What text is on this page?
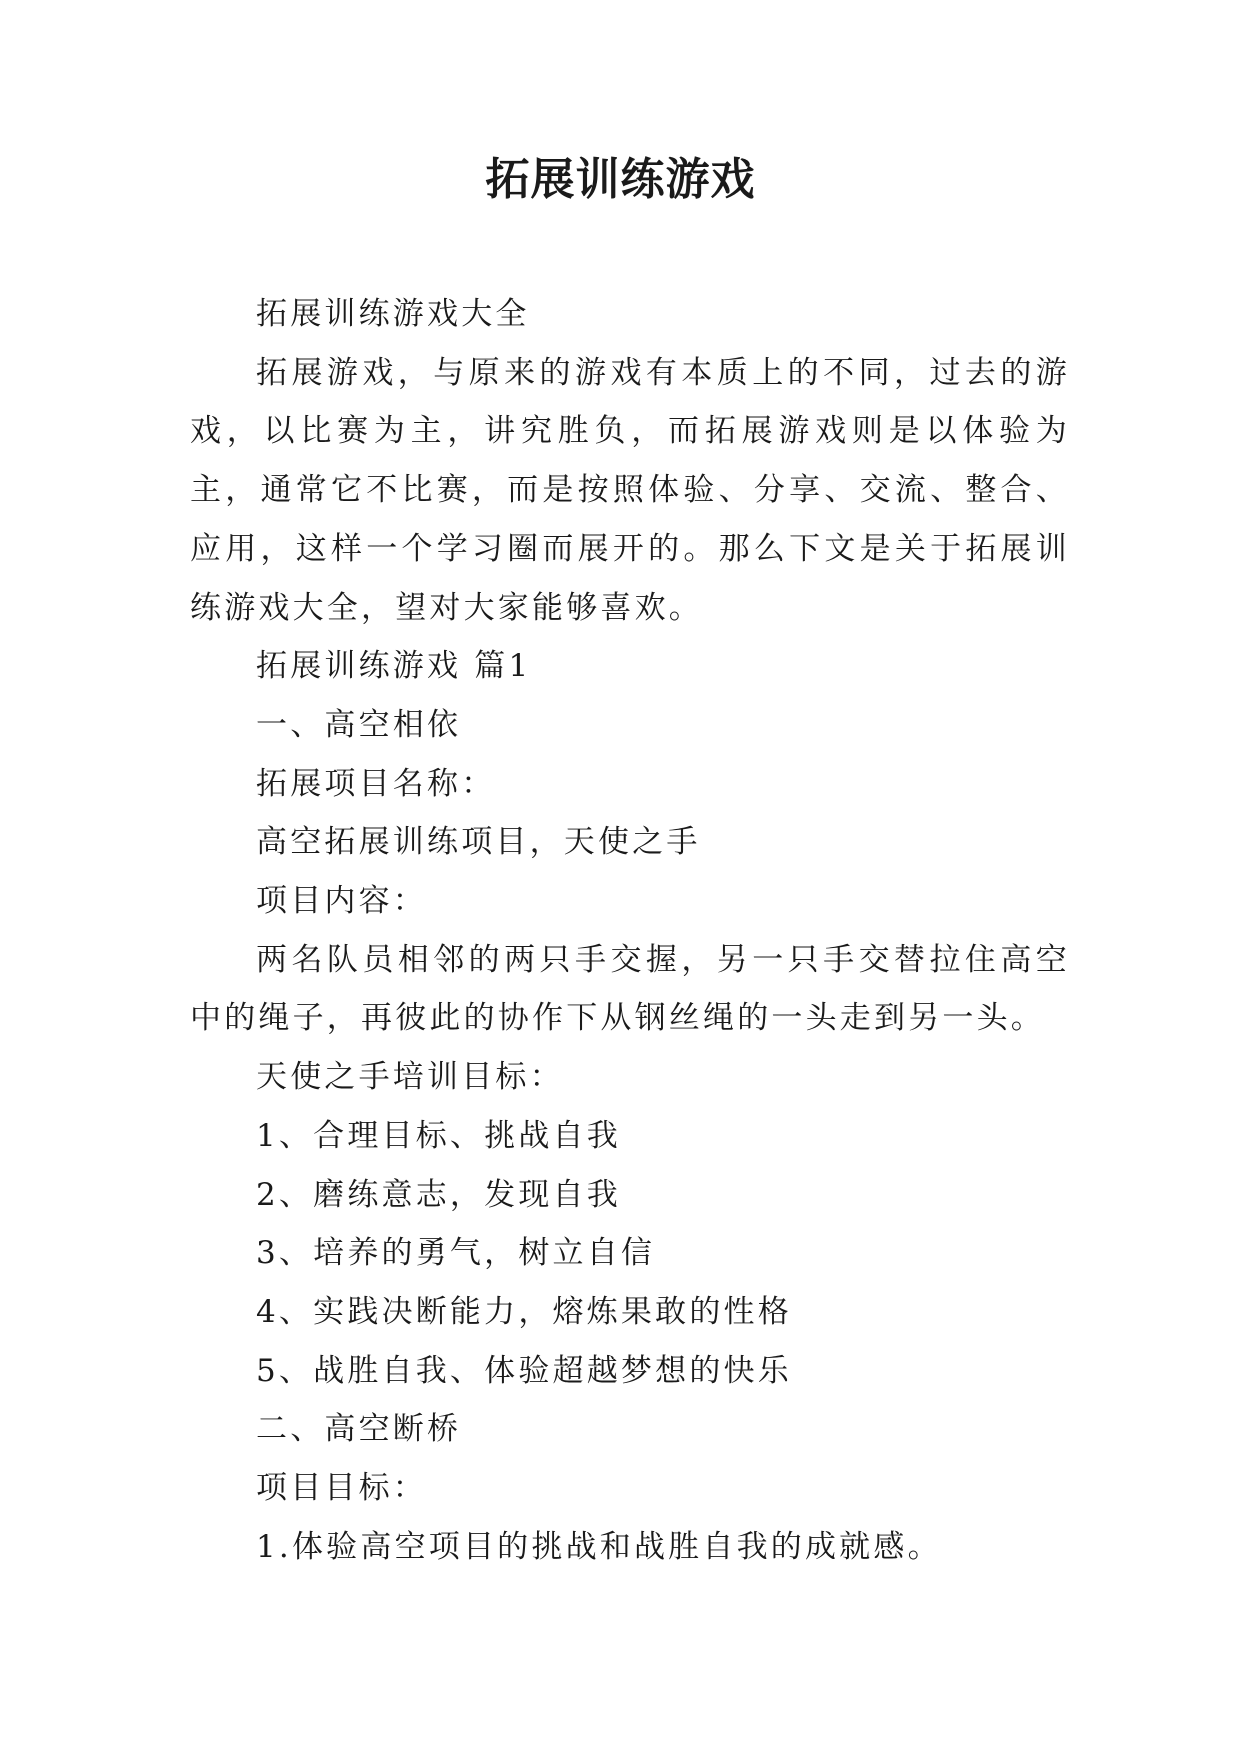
拓展训练游戏

拓展训练游戏大全

拓展游戏，与原来的游戏有本质上的不同，过去的游戏，以比赛为主，讲究胜负，而拓展游戏则是以体验为主，通常它不比赛，而是按照体验、分享、交流、整合、应用，这样一个学习圈而展开的。那么下文是关于拓展训练游戏大全，望对大家能够喜欢。

拓展训练游戏 篇1

一、高空相依

拓展项目名称：

高空拓展训练项目，天使之手

项目内容：

两名队员相邻的两只手交握，另一只手交替拉住高空中的绳子，再彼此的协作下从钢丝绳的一头走到另一头。

天使之手培训目标：

1、合理目标、挑战自我

2、磨练意志，发现自我

3、培养的勇气，树立自信

4、实践决断能力，熔炼果敢的性格

5、战胜自我、体验超越梦想的快乐

二、高空断桥

项目目标：

1.体验高空项目的挑战和战胜自我的成就感。
